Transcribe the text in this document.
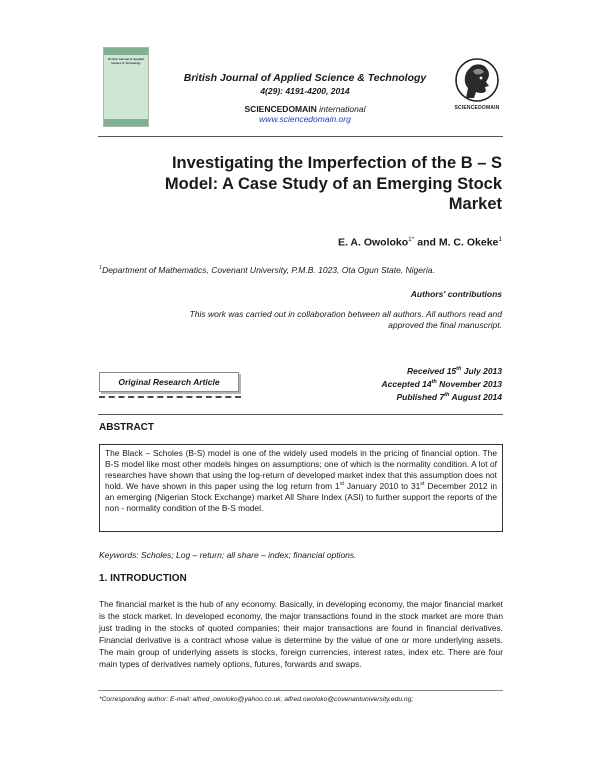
British Journal of Applied
Science & Technology
British Journal of Applied Science & Technology
4(29): 4191-4200, 2014
SCIENCEDOMAIN international
www.sciencedomain.org
SCIENCEDOMAIN
Investigating the Imperfection of the B – S
Model: A Case Study of an Emerging Stock
Market
E. A. Owoloko$^{1*}$ and M. C. Okeke$^1$
$^1$Department of Mathematics, Covenant University, P.M.B. 1023, Ota Ogun State, Nigeria.
Authors' contributions
This work was carried out in collaboration between all authors. All authors read and
approved the final manuscript.
Original Research Article
Received 15th July 2013
Accepted 14th November 2013
Published 7th August 2014
ABSTRACT
The Black – Scholes (B-S) model is one of the widely used models in the pricing of financial option. The B-S model like most other models hinges on assumptions; one of which is the normality condition. A lot of researches have shown that using the log-return of developed market index that this assumption does not hold. We have shown in this paper using the log return from 1st January 2010 to 31st December 2012 in an emerging (Nigerian Stock Exchange) market All Share Index (ASI) to further support the reports of the non - normality condition of the B-S model.
Keywords: Scholes; Log – return; all share – index; financial options.
1. INTRODUCTION
The financial market is the hub of any economy. Basically, in developing economy, the major financial market is the stock market. In developed economy, the major transactions found in the stock market are more than just trading in the stocks of quoted companies; their major transactions are found in financial derivatives. Financial derivative is a contract whose value is determine by the value of one or more underlying assets. The main group of underlying assets is stocks, foreign currencies, interest rates, index etc. There are four main types of derivatives namely options, futures, forwards and swaps.
*Corresponding author: E-mail: alfred_owoloko@yahoo.co.uk, alfred.owoloko@covenantuniversity.edu.ng;
